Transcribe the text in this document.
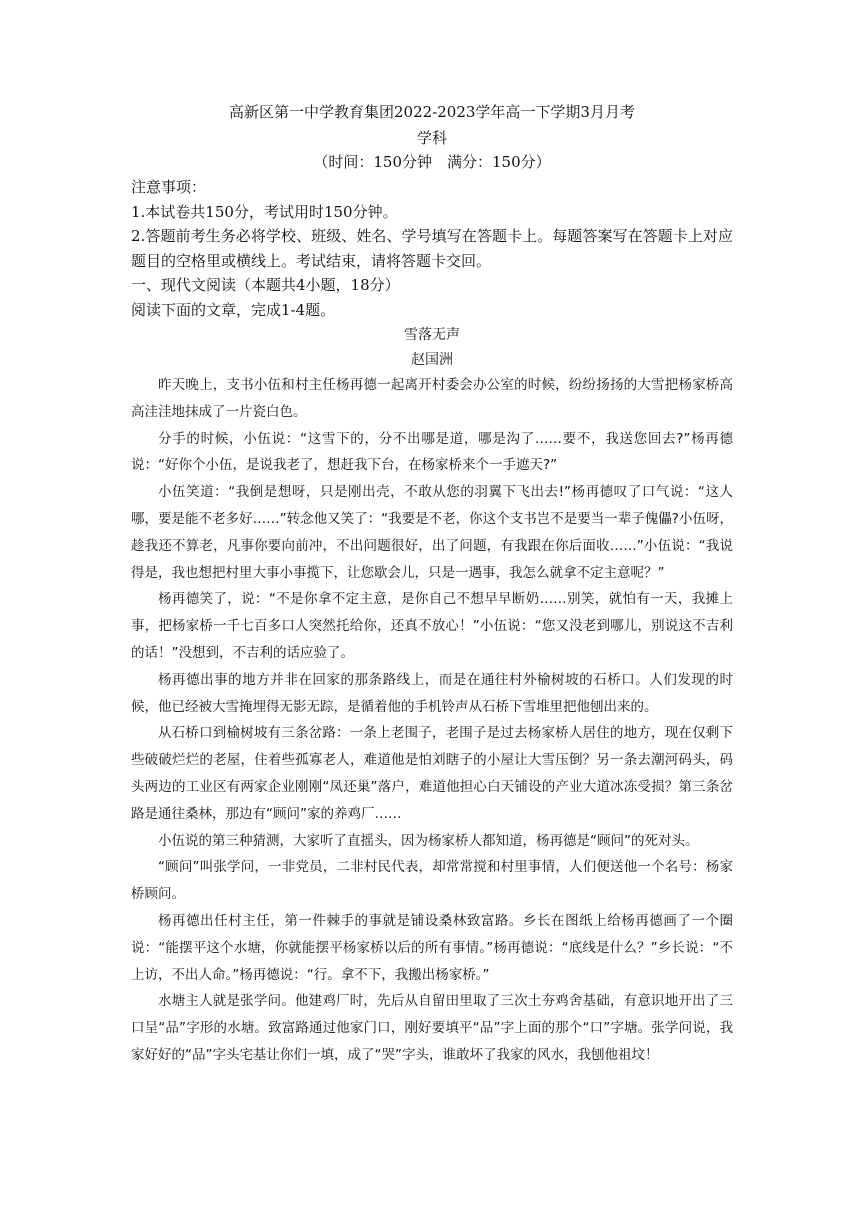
高新区第一中学教育集团2022-2023学年高一下学期3月月考
学科
（时间：150分钟　满分：150分）

注意事项：

1.本试卷共150分，考试用时150分钟。

2.答题前考生务必将学校、班级、姓名、学号填写在答题卡上。每题答案写在答题卡上对应题目的空格里或横线上。考试结束，请将答题卡交回。

一、现代文阅读（本题共4小题，18分）

阅读下面的文章，完成1-4题。

雪落无声
赵国洲

昨天晚上，支书小伍和村主任杨再德一起离开村委会办公室的时候，纷纷扬扬的大雪把杨家桥高高洼洼地抹成了一片瓷白色。

分手的时候，小伍说：“这雪下的，分不出哪是道，哪是沟了……要不，我送您回去?”杨再德说：“好你个小伍，是说我老了，想赶我下台，在杨家桥来个一手遮天?”

小伍笑道：“我倒是想呀，只是刚出壳，不敢从您的羽翼下飞出去!”杨再德叹了口气说：“这人哪，要是能不老多好……”转念他又笑了：“我要是不老，你这个支书岂不是要当一辈子傀儡?小伍呀，趁我还不算老，凡事你要向前冲，不出问题很好，出了问题，有我跟在你后面收……”小伍说：“我说得是，我也想把村里大事小事揽下，让您歇会儿，只是一遇事，我怎么就拿不定主意呢？”

杨再德笑了，说：“不是你拿不定主意，是你自己不想早早断奶……别笑，就怕有一天，我摊上事，把杨家桥一千七百多口人突然托给你，还真不放心！”小伍说：“您又没老到哪儿，别说这不吉利的话！”没想到，不吉利的话应验了。

杨再德出事的地方并非在回家的那条路线上，而是在通往村外榆树坡的石桥口。人们发现的时候，他已经被大雪掩埋得无影无踪，是循着他的手机铃声从石桥下雪堆里把他刨出来的。

从石桥口到榆树坡有三条岔路：一条上老围子，老围子是过去杨家桥人居住的地方，现在仅剩下些破破烂烂的老屋，住着些孤寡老人，难道他是怕刘瞎子的小屋让大雪压倒？另一条去潮河码头，码头两边的工业区有两家企业刚刚“凤还巢”落户，难道他担心白天铺设的产业大道冰冻受损？第三条岔路是通往桑林，那边有“顾问”家的养鸡厂……

小伍说的第三种猜测，大家听了直摇头，因为杨家桥人都知道，杨再德是“顾问”的死对头。

“顾问”叫张学问，一非党员，二非村民代表，却常常搅和村里事情，人们便送他一个名号：杨家桥顾问。

杨再德出任村主任，第一件棘手的事就是铺设桑林致富路。乡长在图纸上给杨再德画了一个圈说：“能摆平这个水塘，你就能摆平杨家桥以后的所有事情。”杨再德说：“底线是什么？”乡长说：“不上访，不出人命。”杨再德说：“行。拿不下，我搬出杨家桥。”

水塘主人就是张学问。他建鸡厂时，先后从自留田里取了三次土夯鸡舍基础，有意识地开出了三口呈“品”字形的水塘。致富路通过他家门口，刚好要填平“品”字上面的那个“口”字塘。张学问说，我家好好的“品”字头宅基让你们一填，成了“哭”字头，谁敢坏了我家的风水，我刨他祖坟！
